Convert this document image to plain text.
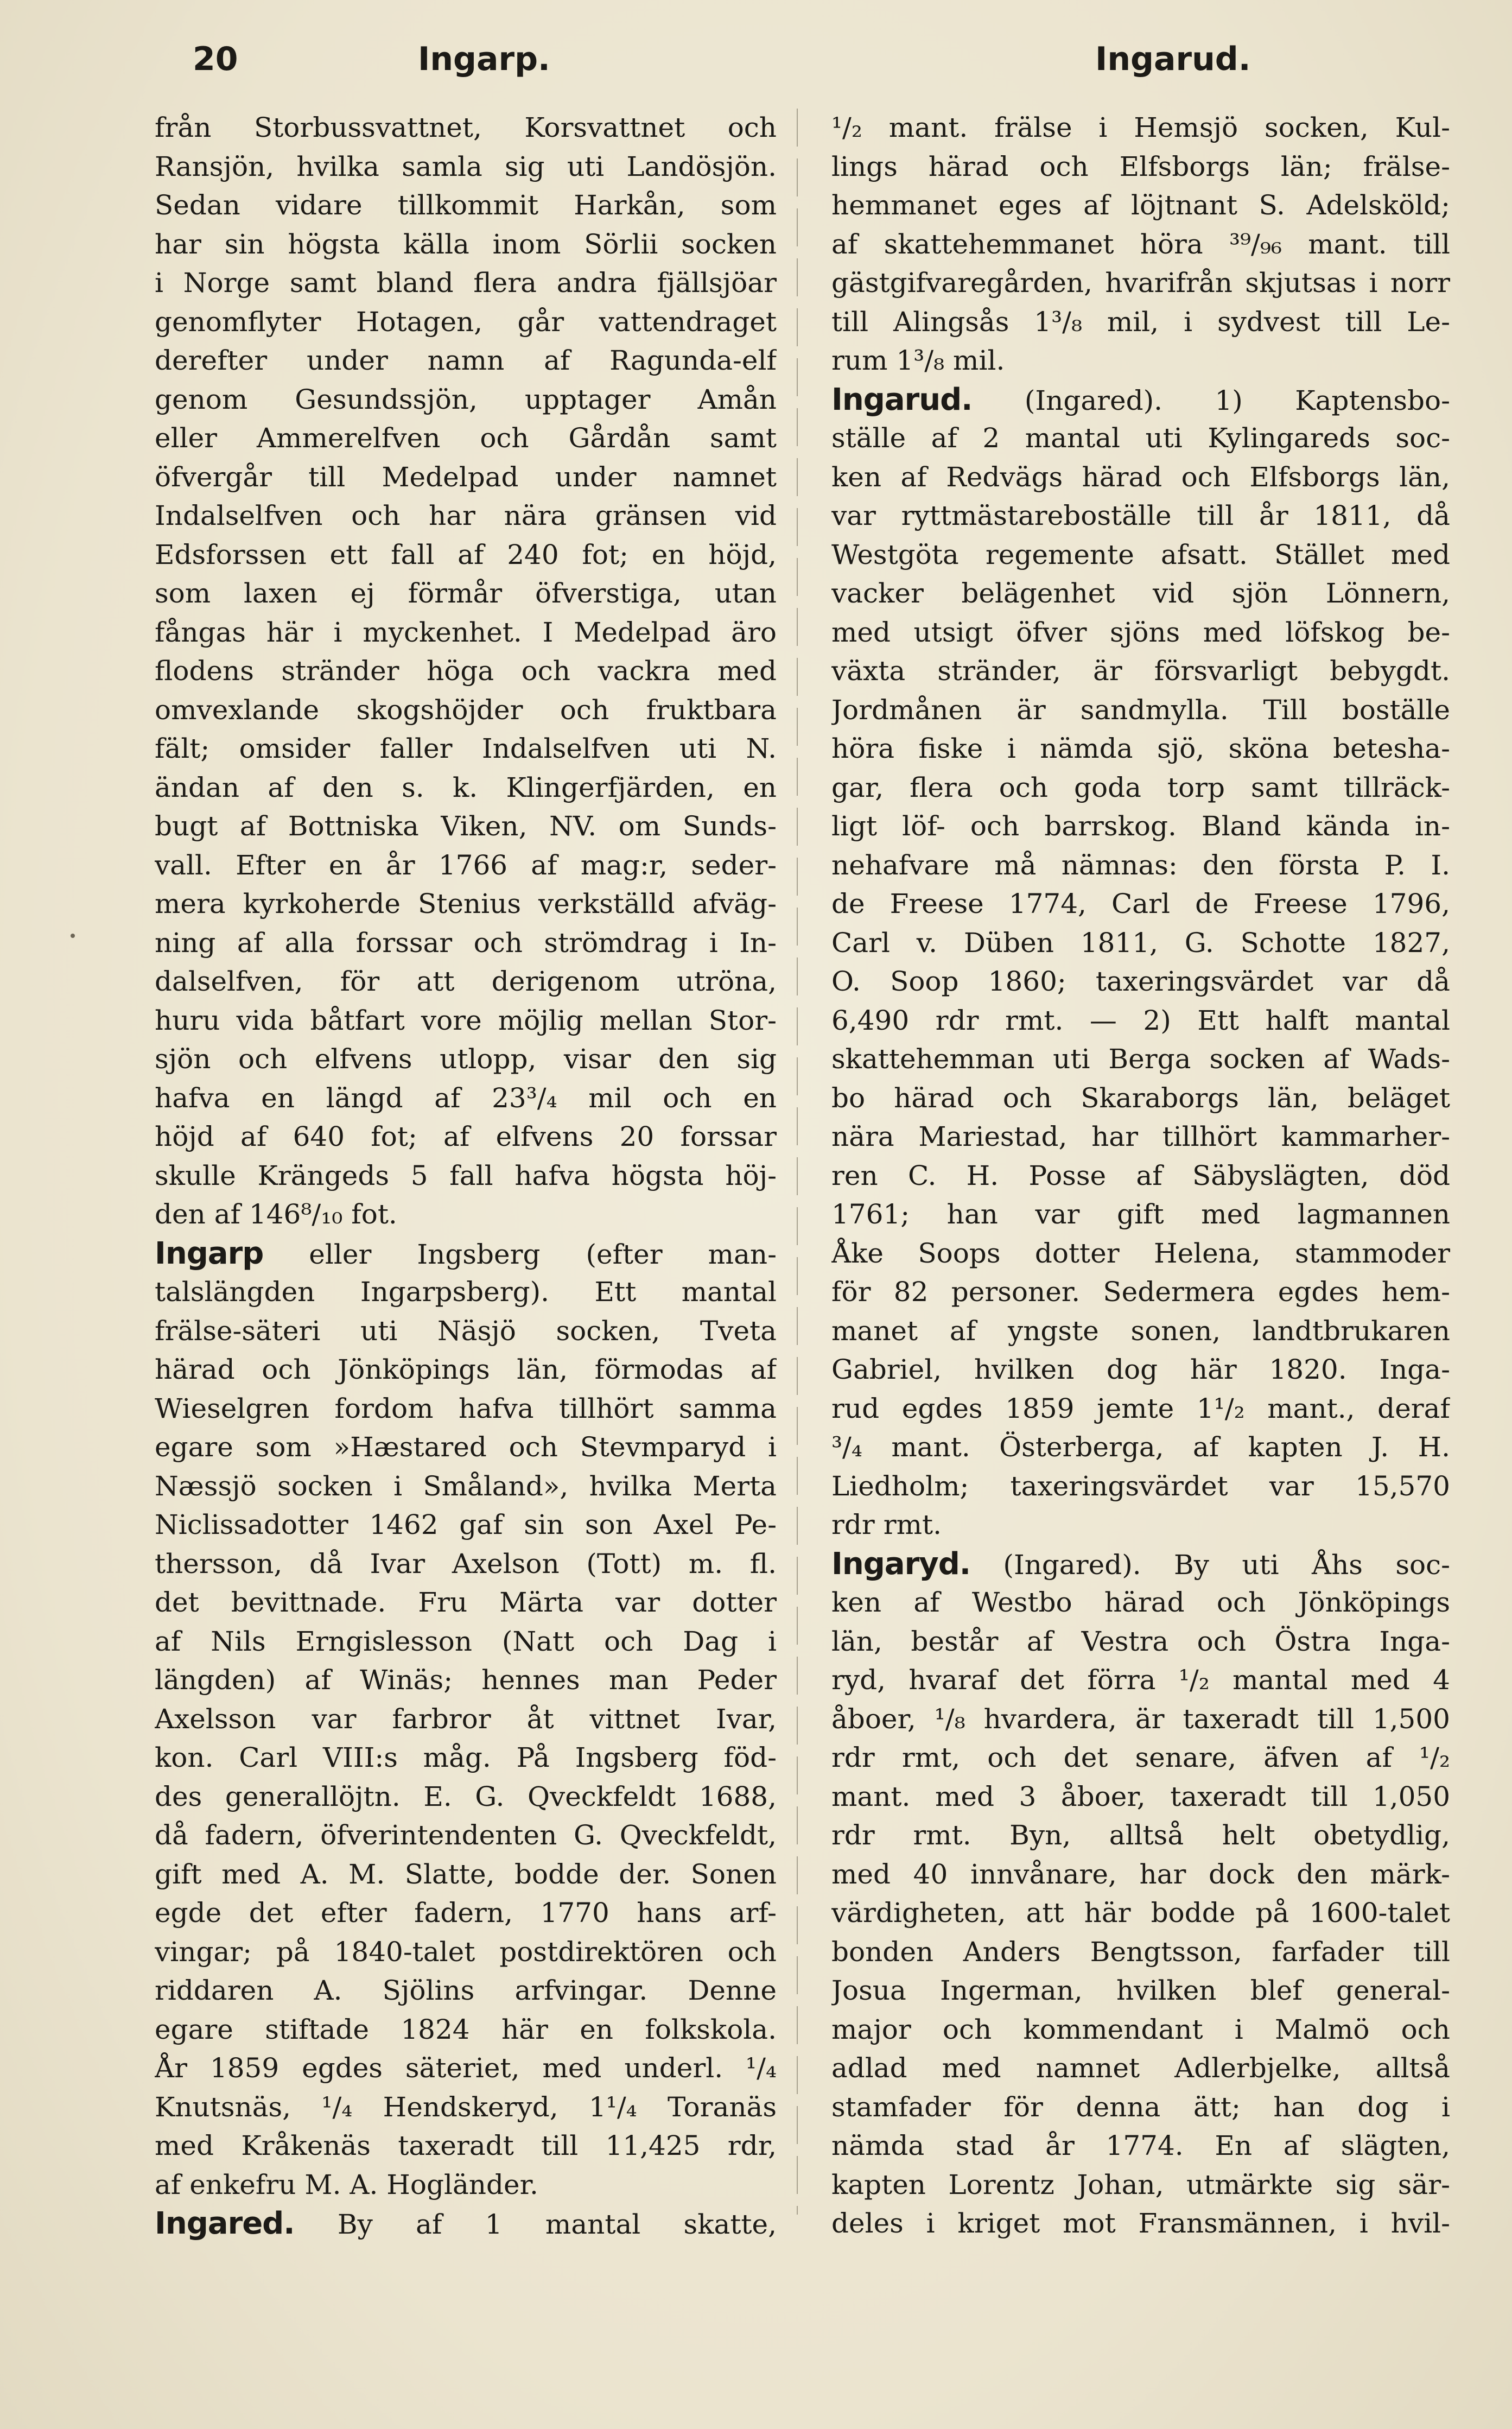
20	Ingarp.	Ingarud.
från Storbussvattnet, Korsvattnet och
Ransjön, hvilka samla sig uti Landösjön.
Sedan vidare tillkommit Harkån, som
har sin högsta källa inom Sörlii socken
i Norge samt bland flera andra fjällsjöar
genomflyter Hotagen, går vattendraget
derefter under namn af Ragunda-elf
genom Gesundssjön, upptager Amån
eller Ammerelfven och Gårdån samt
öfvergår till Medelpad under namnet
Indalselfven och har nära gränsen vid
Edsforssen ett fall af 240 fot; en höjd,
som laxen ej förmår öfverstiga, utan
fångas här i myckenhet. I Medelpad äro
flodens stränder höga och vackra med
omvexlande skogshöjder och fruktbara
fält; omsider faller Indalselfven uti N.
ändan af den s. k. Klingerfjärden, en
bugt af Bottniska Viken, NV. om Sunds-
vall. Efter en år 1766 af mag:r, seder-
mera kyrkoherde Stenius verkställd afväg-
ning af alla forssar och strömdrag i In-
dalselfven, för att derigenom utröna,
huru vida båtfart vore möjlig mellan Stor-
sjön och elfvens utlopp, visar den sig
hafva en längd af 23³/₄ mil och en
höjd af 640 fot; af elfvens 20 forssar
skulle Krängeds 5 fall hafva högsta höj-
den af 146⁸/₁₀ fot.
Ingarp eller Ingsberg (efter man-
talslängden Ingarpsberg). Ett mantal
frälse-säteri uti Näsjö socken, Tveta
härad och Jönköpings län, förmodas af
Wieselgren fordom hafva tillhört samma
egare som »Hæstared och Stevmparyd i
Næssjö socken i Småland», hvilka Merta
Niclissadotter 1462 gaf sin son Axel Pe-
thersson, då Ivar Axelson (Tott) m. fl.
det bevittnade. Fru Märta var dotter
af Nils Erngislesson (Natt och Dag i
längden) af Winäs; hennes man Peder
Axelsson var farbror åt vittnet Ivar,
kon. Carl VIII:s måg. På Ingsberg föd-
des generallöjtn. E. G. Qveckfeldt 1688,
då fadern, öfverintendenten G. Qveckfeldt,
gift med A. M. Slatte, bodde der. Sonen
egde det efter fadern, 1770 hans arf-
vingar; på 1840-talet postdirektören och
riddaren A. Sjölins arfvingar. Denne
egare stiftade 1824 här en folkskola.
År 1859 egdes säteriet, med underl. ¹/₄
Knutsnäs, ¹/₄ Hendskeryd, 1¹/₄ Toranäs
med Kråkenäs taxeradt till 11,425 rdr,
af enkefru M. A. Hogländer.
Ingared. By af 1 mantal skatte,
¹/₂ mant. frälse i Hemsjö socken, Kul-
lings härad och Elfsborgs län; frälse-
hemmanet eges af löjtnant S. Adelsköld;
af skattehemmanet höra ³⁹/₉₆ mant. till
gästgifvaregården, hvarifrån skjutsas i norr
till Alingsås 1³/₈ mil, i sydvest till Le-
rum 1³/₈ mil.
Ingarud. (Ingared). 1) Kaptensbo-
ställe af 2 mantal uti Kylingareds soc-
ken af Redvägs härad och Elfsborgs län,
var ryttmästareboställe till år 1811, då
Westgöta regemente afsatt. Stället med
vacker belägenhet vid sjön Lönnern,
med utsigt öfver sjöns med löfskog be-
växta stränder, är försvarligt bebygdt.
Jordmånen är sandmylla. Till boställe
höra fiske i nämda sjö, sköna betesha-
gar, flera och goda torp samt tillräck-
ligt löf- och barrskog. Bland kända in-
nehafvare må nämnas: den första P. I.
de Freese 1774, Carl de Freese 1796,
Carl v. Düben 1811, G. Schotte 1827,
O. Soop 1860; taxeringsvärdet var då
6,490 rdr rmt. — 2) Ett halft mantal
skattehemman uti Berga socken af Wads-
bo härad och Skaraborgs län, beläget
nära Mariestad, har tillhört kammarher-
ren C. H. Posse af Säbyslägten, död
1761; han var gift med lagmannen
Åke Soops dotter Helena, stammoder
för 82 personer. Sedermera egdes hem-
manet af yngste sonen, landtbrukaren
Gabriel, hvilken dog här 1820. Inga-
rud egdes 1859 jemte 1¹/₂ mant., deraf
³/₄ mant. Österberga, af kapten J. H.
Liedholm; taxeringsvärdet var 15,570
rdr rmt.
Ingaryd. (Ingared). By uti Åhs soc-
ken af Westbo härad och Jönköpings
län, består af Vestra och Östra Inga-
ryd, hvaraf det förra ¹/₂ mantal med 4
åboer, ¹/₈ hvardera, är taxeradt till 1,500
rdr rmt, och det senare, äfven af ¹/₂
mant. med 3 åboer, taxeradt till 1,050
rdr rmt. Byn, alltså helt obetydlig,
med 40 innvånare, har dock den märk-
värdigheten, att här bodde på 1600-talet
bonden Anders Bengtsson, farfader till
Josua Ingerman, hvilken blef general-
major och kommendant i Malmö och
adlad med namnet Adlerbjelke, alltså
stamfader för denna ätt; han dog i
nämda stad år 1774. En af slägten,
kapten Lorentz Johan, utmärkte sig sär-
deles i kriget mot Fransmännen, i hvil-
